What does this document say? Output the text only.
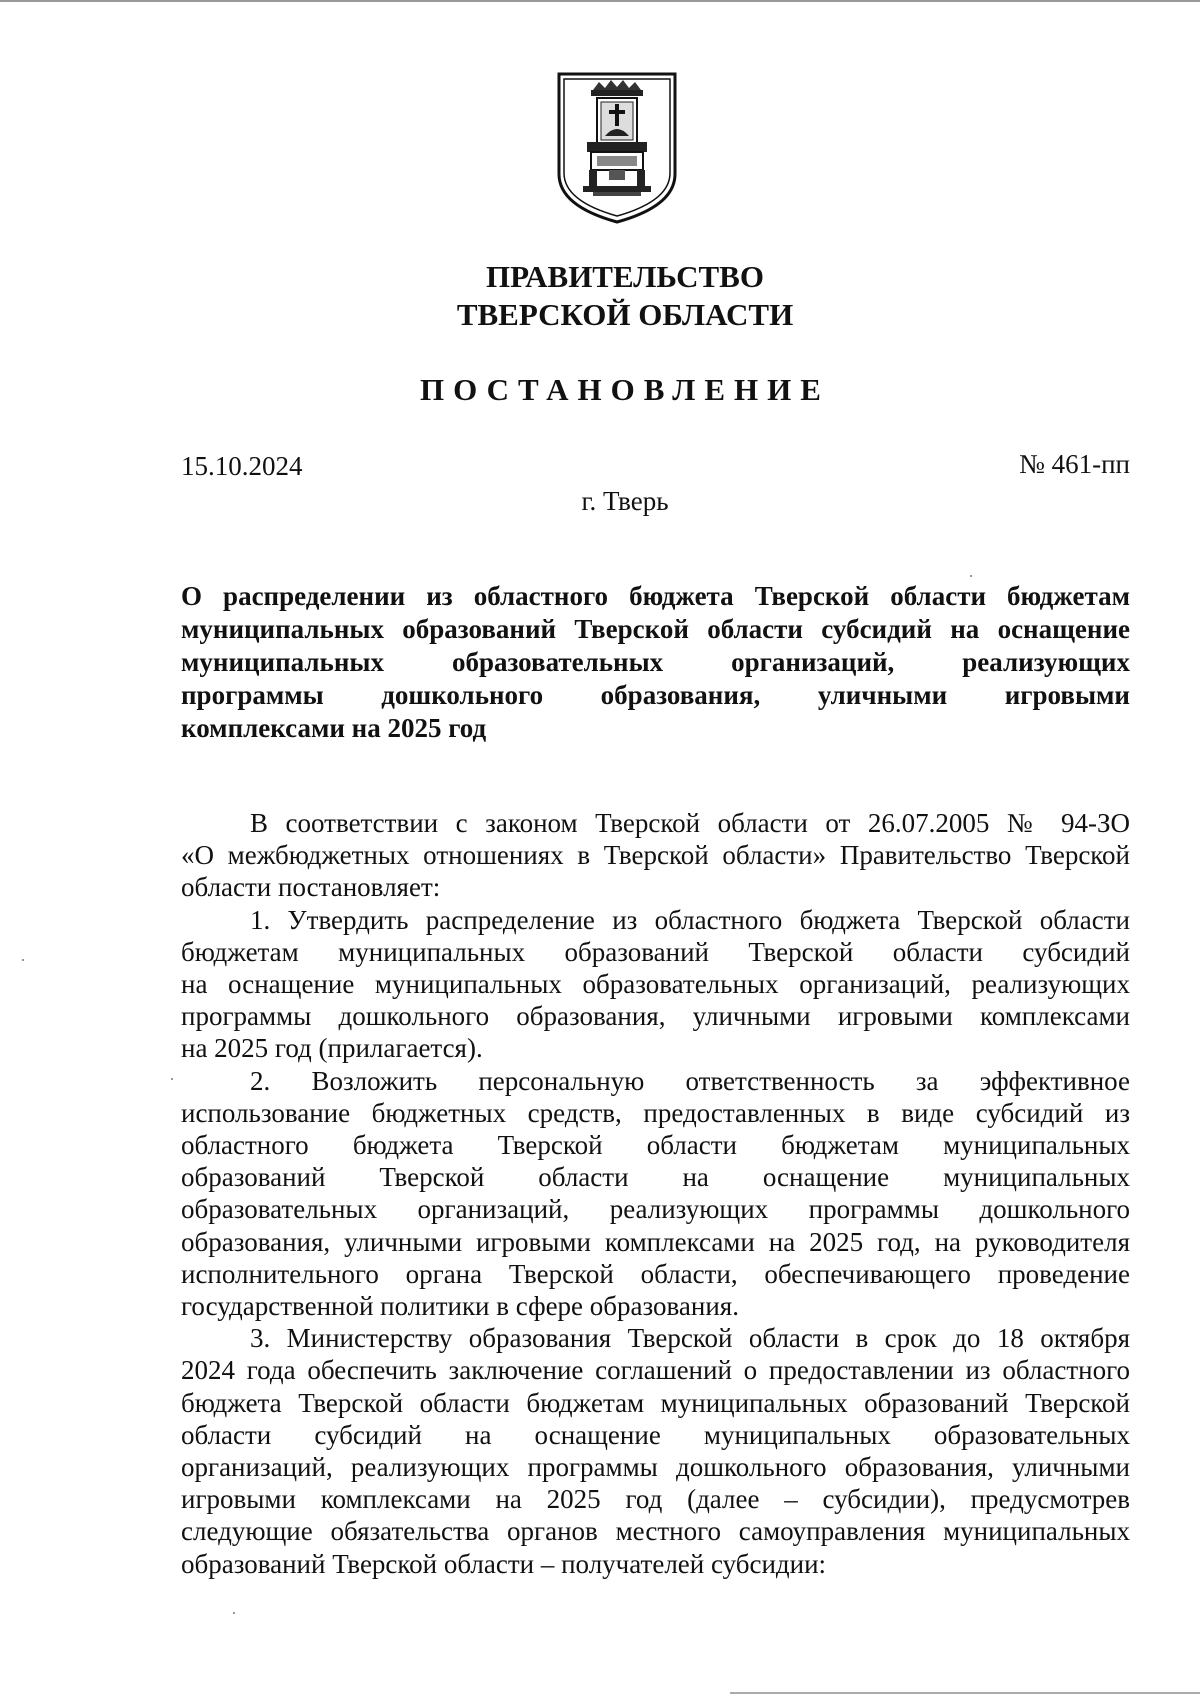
ПРАВИТЕЛЬСТВО
ТВЕРСКОЙ ОБЛАСТИ
ПОСТАНОВЛЕНИЕ
15.10.2024	№ 461-пп
г. Тверь
О распределении из областного бюджета Тверской области бюджетам
муниципальных образований Тверской области субсидий на оснащение
муниципальных образовательных организаций, реализующих
программы дошкольного образования, уличными игровыми
комплексами на 2025 год
В соответствии с законом Тверской области от 26.07.2005 № 94-ЗО
«О межбюджетных отношениях в Тверской области» Правительство Тверской
области постановляет:
1. Утвердить распределение из областного бюджета Тверской области
бюджетам муниципальных образований Тверской области субсидий
на оснащение муниципальных образовательных организаций, реализующих
программы дошкольного образования, уличными игровыми комплексами
на 2025 год (прилагается).
2. Возложить персональную ответственность за эффективное
использование бюджетных средств, предоставленных в виде субсидий из
областного бюджета Тверской области бюджетам муниципальных
образований Тверской области на оснащение муниципальных
образовательных организаций, реализующих программы дошкольного
образования, уличными игровыми комплексами на 2025 год, на руководителя
исполнительного органа Тверской области, обеспечивающего проведение
государственной политики в сфере образования.
3. Министерству образования Тверской области в срок до 18 октября
2024 года обеспечить заключение соглашений о предоставлении из областного
бюджета Тверской области бюджетам муниципальных образований Тверской
области субсидий на оснащение муниципальных образовательных
организаций, реализующих программы дошкольного образования, уличными
игровыми комплексами на 2025 год (далее – субсидии), предусмотрев
следующие обязательства органов местного самоуправления муниципальных
образований Тверской области – получателей субсидии:
